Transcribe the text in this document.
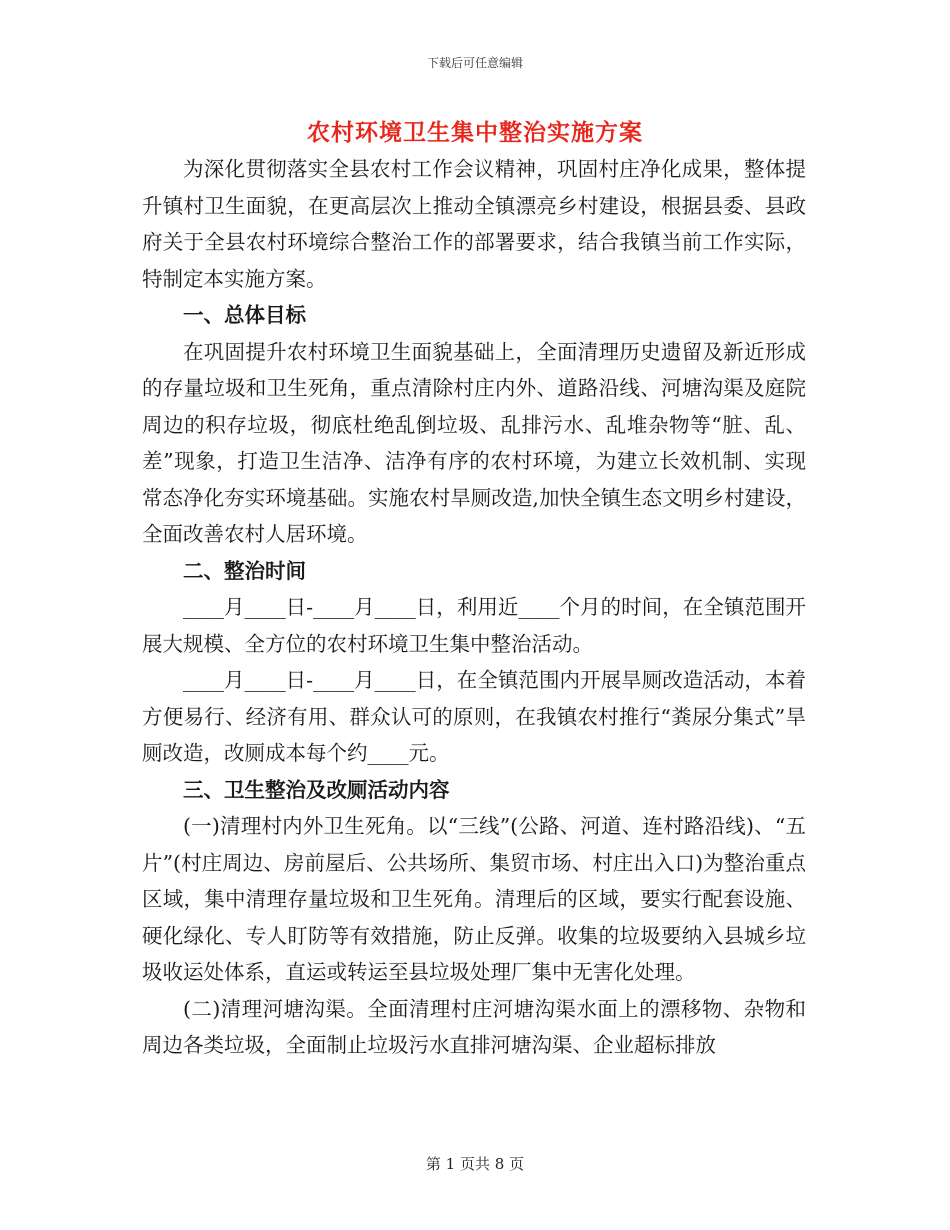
下载后可任意编辑
农村环境卫生集中整治实施方案

为深化贯彻落实全县农村工作会议精神，巩固村庄净化成果，整体提升镇村卫生面貌，在更高层次上推动全镇漂亮乡村建设，根据县委、县政府关于全县农村环境综合整治工作的部署要求，结合我镇当前工作实际，特制定本实施方案。

一、总体目标

在巩固提升农村环境卫生面貌基础上，全面清理历史遗留及新近形成的存量垃圾和卫生死角，重点清除村庄内外、道路沿线、河塘沟渠及庭院周边的积存垃圾，彻底杜绝乱倒垃圾、乱排污水、乱堆杂物等“脏、乱、差”现象，打造卫生洁净、洁净有序的农村环境，为建立长效机制、实现常态净化夯实环境基础。实施农村旱厕改造,加快全镇生态文明乡村建设，全面改善农村人居环境。

二、整治时间

____月____日-____月____日，利用近____个月的时间，在全镇范围开展大规模、全方位的农村环境卫生集中整治活动。

____月____日-____月____日，在全镇范围内开展旱厕改造活动，本着方便易行、经济有用、群众认可的原则，在我镇农村推行“粪尿分集式”旱厕改造，改厕成本每个约____元。

三、卫生整治及改厕活动内容

(一)清理村内外卫生死角。以“三线”(公路、河道、连村路沿线)、“五片”(村庄周边、房前屋后、公共场所、集贸市场、村庄出入口)为整治重点区域，集中清理存量垃圾和卫生死角。清理后的区域，要实行配套设施、硬化绿化、专人盯防等有效措施，防止反弹。收集的垃圾要纳入县城乡垃圾收运处体系，直运或转运至县垃圾处理厂集中无害化处理。

(二)清理河塘沟渠。全面清理村庄河塘沟渠水面上的漂移物、杂物和周边各类垃圾，全面制止垃圾污水直排河塘沟渠、企业超标排放

第 1 页共 8 页
